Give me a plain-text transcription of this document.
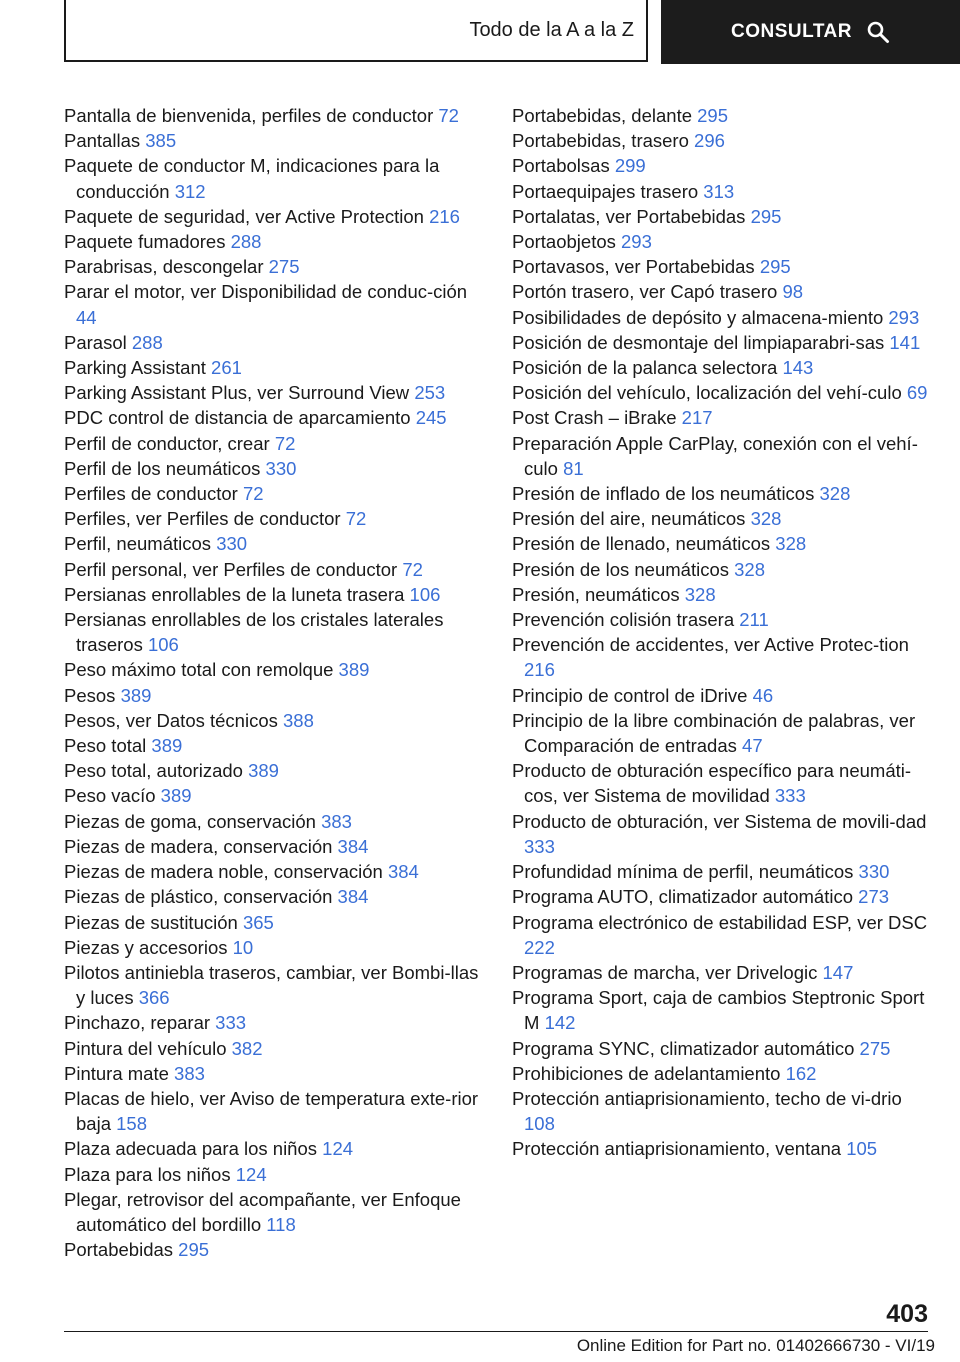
Todo de la A a la Z	CONSULTAR
Pantalla de bienvenida, perfiles de conductor 72
Pantallas 385
Paquete de conductor M, indicaciones para la conducción 312
Paquete de seguridad, ver Active Protection 216
Paquete fumadores 288
Parabrisas, descongelar 275
Parar el motor, ver Disponibilidad de conduc-ción 44
Parasol 288
Parking Assistant 261
Parking Assistant Plus, ver Surround View 253
PDC control de distancia de aparcamiento 245
Perfil de conductor, crear 72
Perfil de los neumáticos 330
Perfiles de conductor 72
Perfiles, ver Perfiles de conductor 72
Perfil, neumáticos 330
Perfil personal, ver Perfiles de conductor 72
Persianas enrollables de la luneta trasera 106
Persianas enrollables de los cristales laterales traseros 106
Peso máximo total con remolque 389
Pesos 389
Pesos, ver Datos técnicos 388
Peso total 389
Peso total, autorizado 389
Peso vacío 389
Piezas de goma, conservación 383
Piezas de madera, conservación 384
Piezas de madera noble, conservación 384
Piezas de plástico, conservación 384
Piezas de sustitución 365
Piezas y accesorios 10
Pilotos antiniebla traseros, cambiar, ver Bombi-llas y luces 366
Pinchazo, reparar 333
Pintura del vehículo 382
Pintura mate 383
Placas de hielo, ver Aviso de temperatura exte-rior baja 158
Plaza adecuada para los niños 124
Plaza para los niños 124
Plegar, retrovisor del acompañante, ver Enfoque automático del bordillo 118
Portabebidas 295
Portabebidas, delante 295
Portabebidas, trasero 296
Portabolsas 299
Portaequipajes trasero 313
Portalatas, ver Portabebidas 295
Portaobjetos 293
Portavasos, ver Portabebidas 295
Portón trasero, ver Capó trasero 98
Posibilidades de depósito y almacena-miento 293
Posición de desmontaje del limpiaparabri-sas 141
Posición de la palanca selectora 143
Posición del vehículo, localización del vehí-culo 69
Post Crash – iBrake 217
Preparación Apple CarPlay, conexión con el vehí-culo 81
Presión de inflado de los neumáticos 328
Presión del aire, neumáticos 328
Presión de llenado, neumáticos 328
Presión de los neumáticos 328
Presión, neumáticos 328
Prevención colisión trasera 211
Prevención de accidentes, ver Active Protec-tion 216
Principio de control de iDrive 46
Principio de la libre combinación de palabras, ver Comparación de entradas 47
Producto de obturación específico para neumáti-cos, ver Sistema de movilidad 333
Producto de obturación, ver Sistema de movili-dad 333
Profundidad mínima de perfil, neumáticos 330
Programa AUTO, climatizador automático 273
Programa electrónico de estabilidad ESP, ver DSC 222
Programas de marcha, ver Drivelogic 147
Programa Sport, caja de cambios Steptronic Sport M 142
Programa SYNC, climatizador automático 275
Prohibiciones de adelantamiento 162
Protección antiaprisionamiento, techo de vi-drio 108
Protección antiaprisionamiento, ventana 105
403
Online Edition for Part no. 01402666730 - VI/19
